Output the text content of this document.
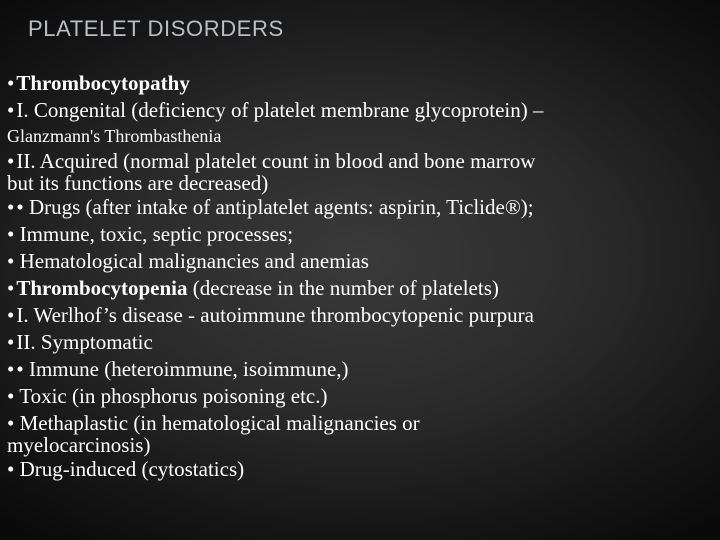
PLATELET DISORDERS
•Thrombocytopathy
•I. Congenital (deficiency of platelet membrane glycoprotein) –
Glanzmann's Thrombasthenia
•II. Acquired (normal platelet count in blood and bone marrow
but its functions are decreased)
•• Drugs (after intake of antiplatelet agents: aspirin, Ticlide®);
• Immune, toxic, septic processes;
• Hematological malignancies and anemias
•Thrombocytopenia (decrease in the number of platelets)
•I. Werlhof’s disease - autoimmune thrombocytopenic purpura
•II. Symptomatic
•• Immune (heteroimmune, isoimmune,)
• Toxic (in phosphorus poisoning etc.)
• Methaplastic (in hematological malignancies or
myelocarcinosis)
• Drug-induced (cytostatics)
